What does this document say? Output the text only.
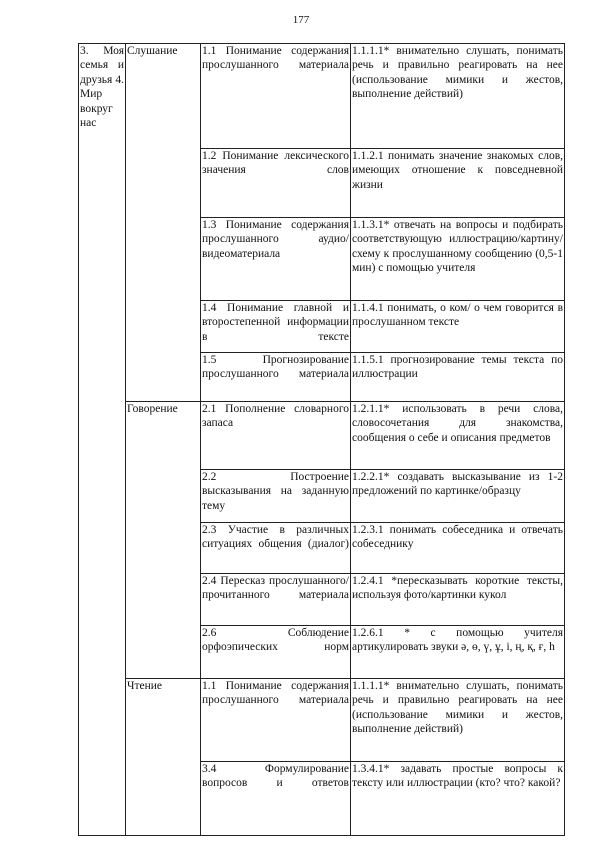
177
3. Моя семья и друзья 4. Мир вокруг нас	Слушание	1.1 Понимание содержания прослушанного материала	1.1.1.1* внимательно слушать, понимать речь и правильно реагировать на нее (использование мимики и жестов, выполнение действий)

		1.2 Понимание лексического значения слов	1.1.2.1 понимать значение знакомых слов, имеющих отношение к повседневной жизни

		1.3 Понимание содержания прослушанного аудио/видеоматериала	1.1.3.1* отвечать на вопросы и подбирать соответствующую иллюстрацию/картину/ схему к прослушанному сообщению (0,5-1 мин) с помощью учителя

		1.4 Понимание главной и второстепенной информации в тексте	1.1.4.1 понимать, о ком/ о чем говорится в прослушанном тексте

		1.5 Прогнозирование прослушанного материала	1.1.5.1 прогнозирование темы текста по иллюстрации

	Говорение	2.1 Пополнение словарного запаса	1.2.1.1* использовать в речи слова, словосочетания для знакомства, сообщения о себе и описания предметов

		2.2 Построение высказывания на заданную тему	1.2.2.1* создавать высказывание из 1-2 предложений по картинке/образцу

		2.3 Участие в различных ситуациях общения (диалог)	1.2.3.1 понимать собеседника и отвечать собеседнику

		2.4 Пересказ прослушанного/ прочитанного материала	1.2.4.1 *пересказывать короткие тексты, используя фото/картинки кукол

		2.6 Соблюдение орфоэпических норм	1.2.6.1 * с помощью учителя артикулировать звуки ә, ө, ү, ұ, і, ң, қ, ғ, һ

	Чтение	1.1 Понимание содержания прослушанного материала	1.1.1.1* внимательно слушать, понимать речь и правильно реагировать на нее (использование мимики и жестов, выполнение действий)

		3.4 Формулирование вопросов и ответов	1.3.4.1* задавать простые вопросы к тексту или иллюстрации (кто? что? какой?
